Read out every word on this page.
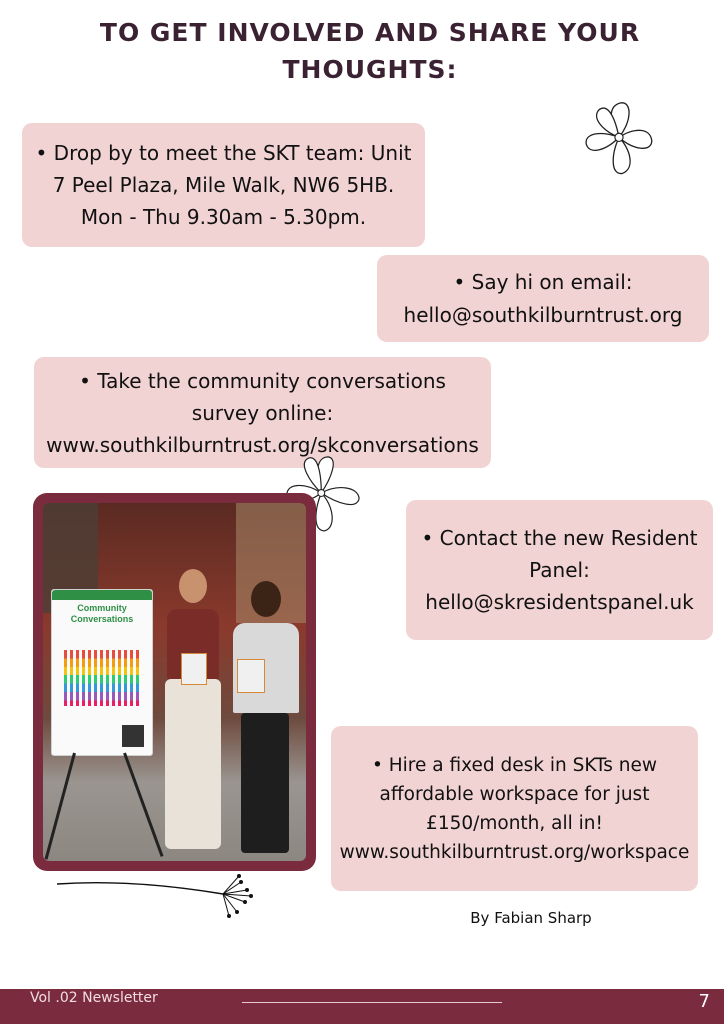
TO GET INVOLVED AND SHARE YOUR
THOUGHTS:
• Drop by to meet the SKT team: Unit
7 Peel Plaza, Mile Walk, NW6 5HB.
Mon - Thu 9.30am - 5.30pm.
• Say hi on email:
hello@southkilburntrust.org
• Take the community conversations
survey online:
www.southkilburntrust.org/skconversations
Community
Conversations
• Contact the new Resident
Panel:
hello@skresidentspanel.uk
• Hire a fixed desk in SKTs new
affordable workspace for just
£150/month, all in!
www.southkilburntrust.org/workspace
By Fabian Sharp
Vol .02 Newsletter	7
